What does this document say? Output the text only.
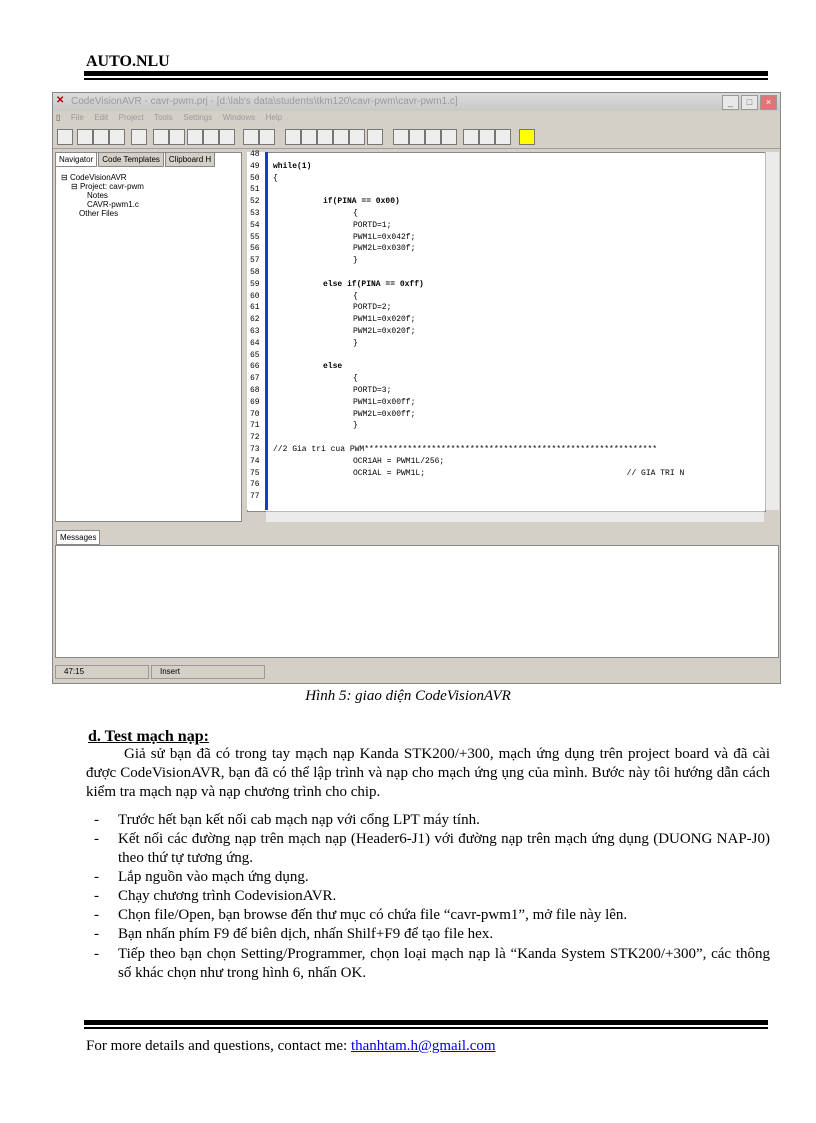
AUTO.NLU
✕ CodeVisionAVR - cavr-pwm.prj - [d:\lab's data\students\tkm120\cavr-pwm\cavr-pwm1.c]	_	□	×
▯ File Edit Project Tools Settings Windows Help
Navigator	Code Templates	Clipboard H
⊟ CodeVisionAVR
⊟ Project: cavr-pwm
Notes
CAVR-pwm1.c
Other Files
48
49
50
51
52
53
54
55
56
57
58
59
60
61
62
63
64
65
66
67
68
69
70
71
72
73
74
75
76
77
while(1)
{
if(PINA == 0x00)
{
PORTD=1;
PWM1L=0x042f;
PWM2L=0x030f;
}
else if(PINA == 0xff)
{
PORTD=2;
PWM1L=0x020f;
PWM2L=0x020f;
}
else
{
PORTD=3;
PWM1L=0x00ff;
PWM2L=0x00ff;
}
//2 Gia tri cua PWM*************************************************************
OCR1AH = PWM1L/256;
OCR1AL = PWM1L;                                          // GIA TRI N
Messages
47:15	Insert
Hình 5: giao diện CodeVisionAVR
d. Test mạch nạp:
Giả sử bạn đã có trong tay mạch nạp Kanda STK200/+300, mạch ứng dụng trên project board và đã cài được CodeVisionAVR, bạn đã có thể lập trình và nạp cho mạch ứng ụng của mình. Bước này tôi hướng dẫn cách kiểm tra mạch nạp và nạp chương trình cho chip.
- Trước hết bạn kết nối cab mạch nạp với cổng LPT máy tính.
- Kết nối các đường nạp trên mạch nạp (Header6-J1) với đường nạp trên mạch ứng dụng (DUONG NAP-J0) theo thứ tự tương ứng.
- Lắp nguồn vào mạch ứng dụng.
- Chạy chương trình CodevisionAVR.
- Chọn file/Open, bạn browse đến thư mục có chứa file “cavr-pwm1”, mở file này lên.
- Bạn nhấn phím F9 để biên dịch, nhấn Shilf+F9 để tạo file hex.
- Tiếp theo bạn chọn Setting/Programmer, chọn loại mạch nạp là “Kanda System STK200/+300”, các thông số khác chọn như trong hình 6, nhấn OK.
For more details and questions, contact me: thanhtam.h@gmail.com
